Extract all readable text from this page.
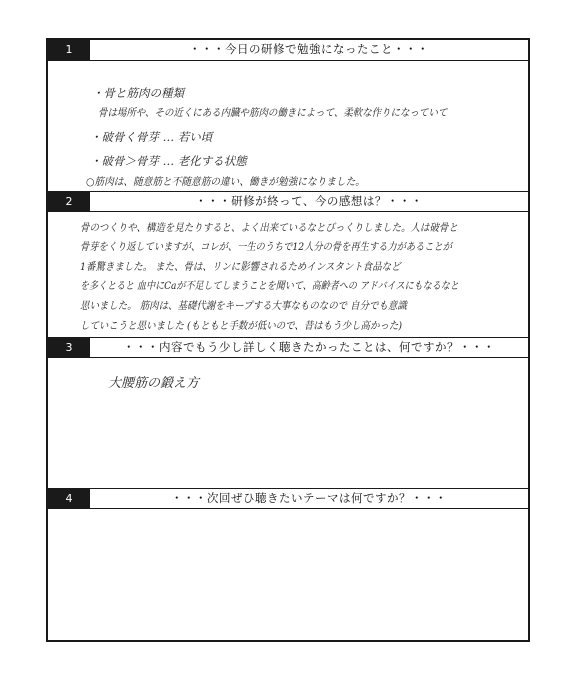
1	・・・今日の研修で勉強になったこと・・・
・骨と筋肉の種類
骨は場所や、その近くにある内臓や筋肉の働きによって、柔軟な作りになっていて
・破骨く骨芽 … 若い頃
・破骨＞骨芽 … 老化する状態
○筋肉は、随意筋と不随意筋の違い、働きが勉強になりました。
2	・・・研修が終って、今の感想は？・・・
骨のつくりや、構造を見たりすると、よく出来ているなとびっくりしました。人は破骨と
骨芽をくり返していますが、コレが、一生のうちで12人分の骨を再生する力があることが
1番驚きました。 また、骨は、リンに影響されるためインスタント食品など
を多くとると 血中にCaが不足してしまうことを聞いて、高齢者への アドバイスにもなるなと
思いました。 筋肉は、基礎代謝をキープする大事なものなので 自分でも意識
していこうと思いました (もともと手数が低いので、昔はもう少し高かった)
3	・・・内容でもう少し詳しく聴きたかったことは、何ですか？・・・
大腰筋の鍛え方
4	・・・次回ぜひ聴きたいテーマは何ですか？・・・
